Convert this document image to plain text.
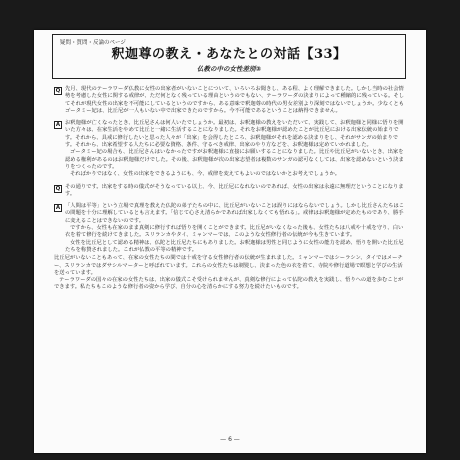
疑問・質問・反論のページ
釈迦尊の教え・あなたとの対話【33】
仏教の中の女性差別③
Q 先月、現代のテーラワーダ仏教に女性の出家者がいないことについて、いろいろお聞きし、ある程、よく理解できました。しかし当時の社会情勢を考慮した女性に関する戒律が、ただ何となく残っている理由というのでもない、テーラワーダの決まりによって種縮的に残っている。そしてそれが現代女性の出家を不可能にしているというのですから、ある意味で釈迦尊の時代の男女差別より深刻ではないでしょうか。少なくともゴータミー妃は、比丘尼が一人もいない中で出家できたのですから。今不可能であるということは納得できません。

A お釈迦様が亡くなったとき、比丘尼さんは何人いたでしょうか。最初は、お釈迦様の教えをいただいて、実践して、お釈迦様と同様に悟りを開いた方々は、在家生活をやめて比丘と一緒に生活することになりました。それをお釈迦様が認めたことが比丘尼における出家伝統の始まりです。それから、具戒に修行したいと思った人々が「出家」を会得したところ、お釈迦様がそれを認める決まりをし、それがサンガの始まりです。それから、出家希望する人たちに必要な資格、条件、守るべき戒律、出家のやり方などを、お釈迦様は定めていかれました。

ゴータミー妃の場合も、比丘尼さんはいなかったですがお釈迦様に直接にお願いすることになりました。比丘や比丘尼がいないとき、出家を認める権利があるのはお釈迦様だけでした。その後、お釈迦様が次の出家志望者は複数のサンガの認可なくしては、出家を認めないという決まりをつくったのです。

そればかりではなく、女性の出家をできるようにも、今、戒律を変えてもよいのではないかとお考えでしょうか。

Q その通りです。出家をする時の儀式がそうなっている以上、今、比丘尼になれないのであれば、女性の出家は永遠に無理だということになります。

A 「人間は平等」という立場で真理を教えた仏陀の弟子たちの中に、比丘尼がいないことは誤りにはならないでしょう。しかし比丘さんたちはこの問題を十分に理解しているとも言えます。「信じて心さえ清らかであれば出家しなくても悟れる」。戒律はお釈迦様が定めたものであり、勝手に変えることはできないのです。

ですから、女性も在家のまま真剣に修行すれば悟りを開くことができます。比丘尼がいなくなった後も、女性たちは八戒や十戒を守り、白い衣を着て修行を続けてきました。スリランカやタイ、ミャンマーでは、このような女性修行者の伝統が今も生きています。

女性を比丘尼として認める精神は、仏陀と比丘尼たちにもありました。お釈迦様は男性と同じように女性の能力を認め、悟りを開いた比丘尼たちを称賛されました。これが仏教の平等の精神です。

比丘尼がいないこともあって、在家の女性たちの間では十戒を守る女性修行者の伝統が生まれました。ミャンマーではシーラシン、タイではメーチー、スリランカではダサシルマーターと呼ばれています。これらの女性たちは剃髪し、決まった色の衣を着て、寺院や修行道場で瞑想と学びの生活を送っています。

テーラワーダの国々の在家の女性たちは、出家の儀式こそ受けられませんが、真剣な修行によって仏陀の教えを実践し、悟りへの道を歩むことができます。私たちもこのような修行者の姿から学び、自分の心を清らかにする努力を続けたいものです。

— 6 —
